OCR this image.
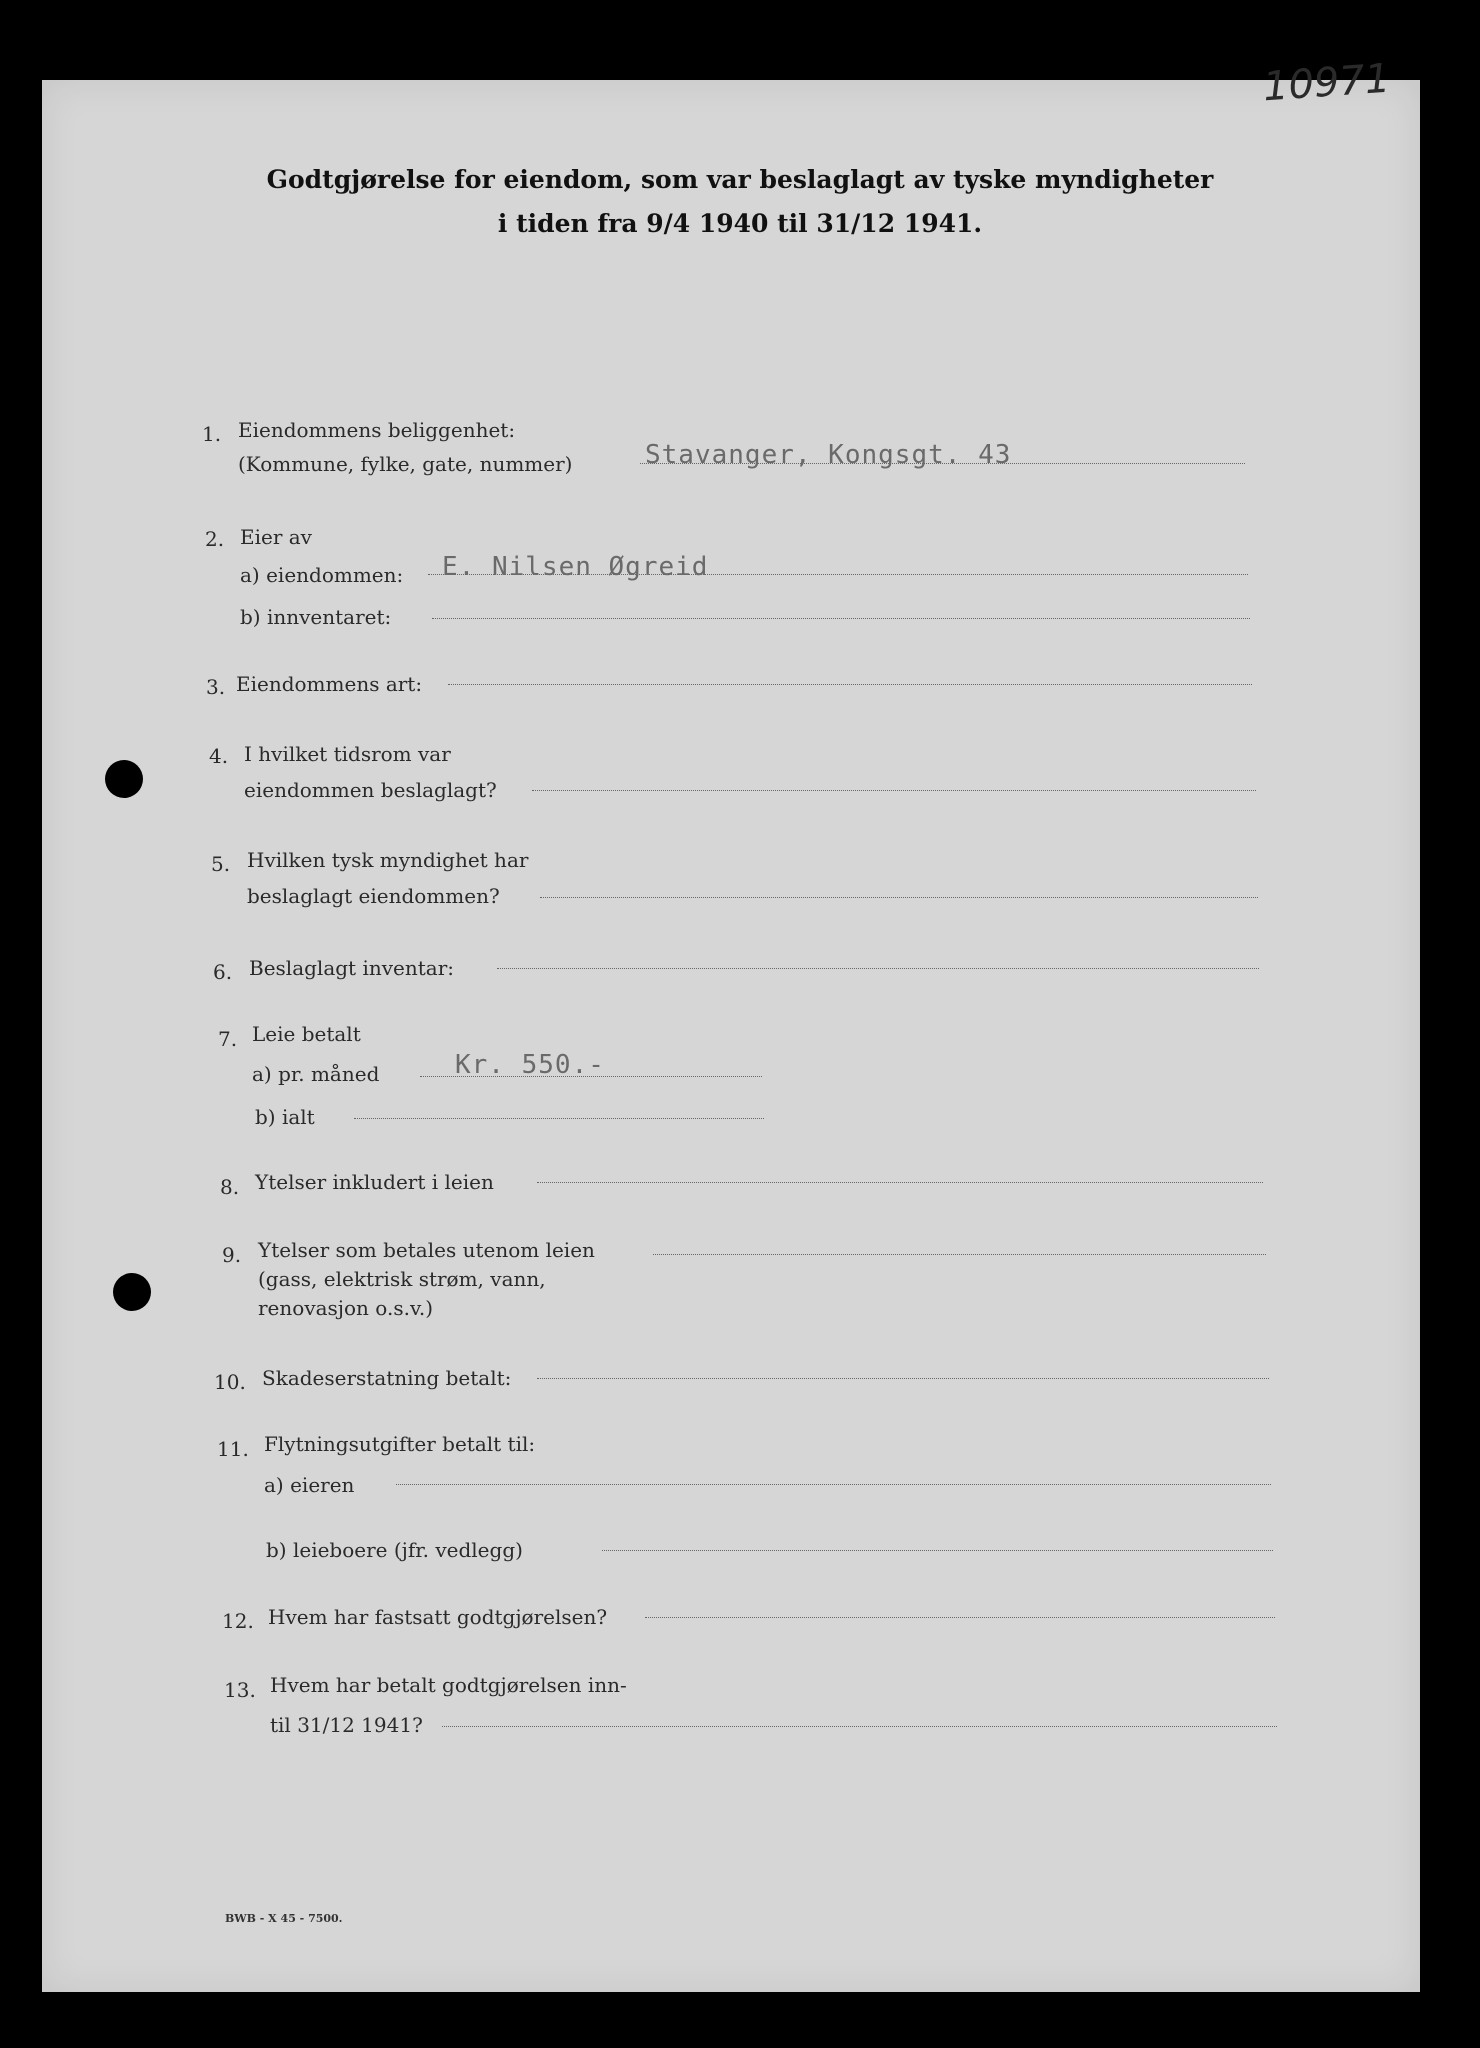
10971
Godtgjørelse for eiendom, som var beslaglagt av tyske myndigheter
i tiden fra 9/4 1940 til 31/12 1941.
1. Eiendommens beliggenhet:
(Kommune, fylke, gate, nummer)	Stavanger, Kongsgt. 43
2. Eier av
a) eiendommen: E. Nilsen Øgreid
b) innventaret:
3. Eiendommens art:
4. I hvilket tidsrom var
eiendommen beslaglagt?
5. Hvilken tysk myndighet har
beslaglagt eiendommen?
6. Beslaglagt inventar:
7. Leie betalt
a) pr. måned	Kr. 550.-
b) ialt
8. Ytelser inkludert i leien
9. Ytelser som betales utenom leien
(gass, elektrisk strøm, vann,
renovasjon o.s.v.)
10. Skadeserstatning betalt:
11. Flytningsutgifter betalt til:
a) eieren
b) leieboere (jfr. vedlegg)
12. Hvem har fastsatt godtgjørelsen?
13. Hvem har betalt godtgjørelsen inn-
til 31/12 1941?
BWB - X 45 - 7500.
